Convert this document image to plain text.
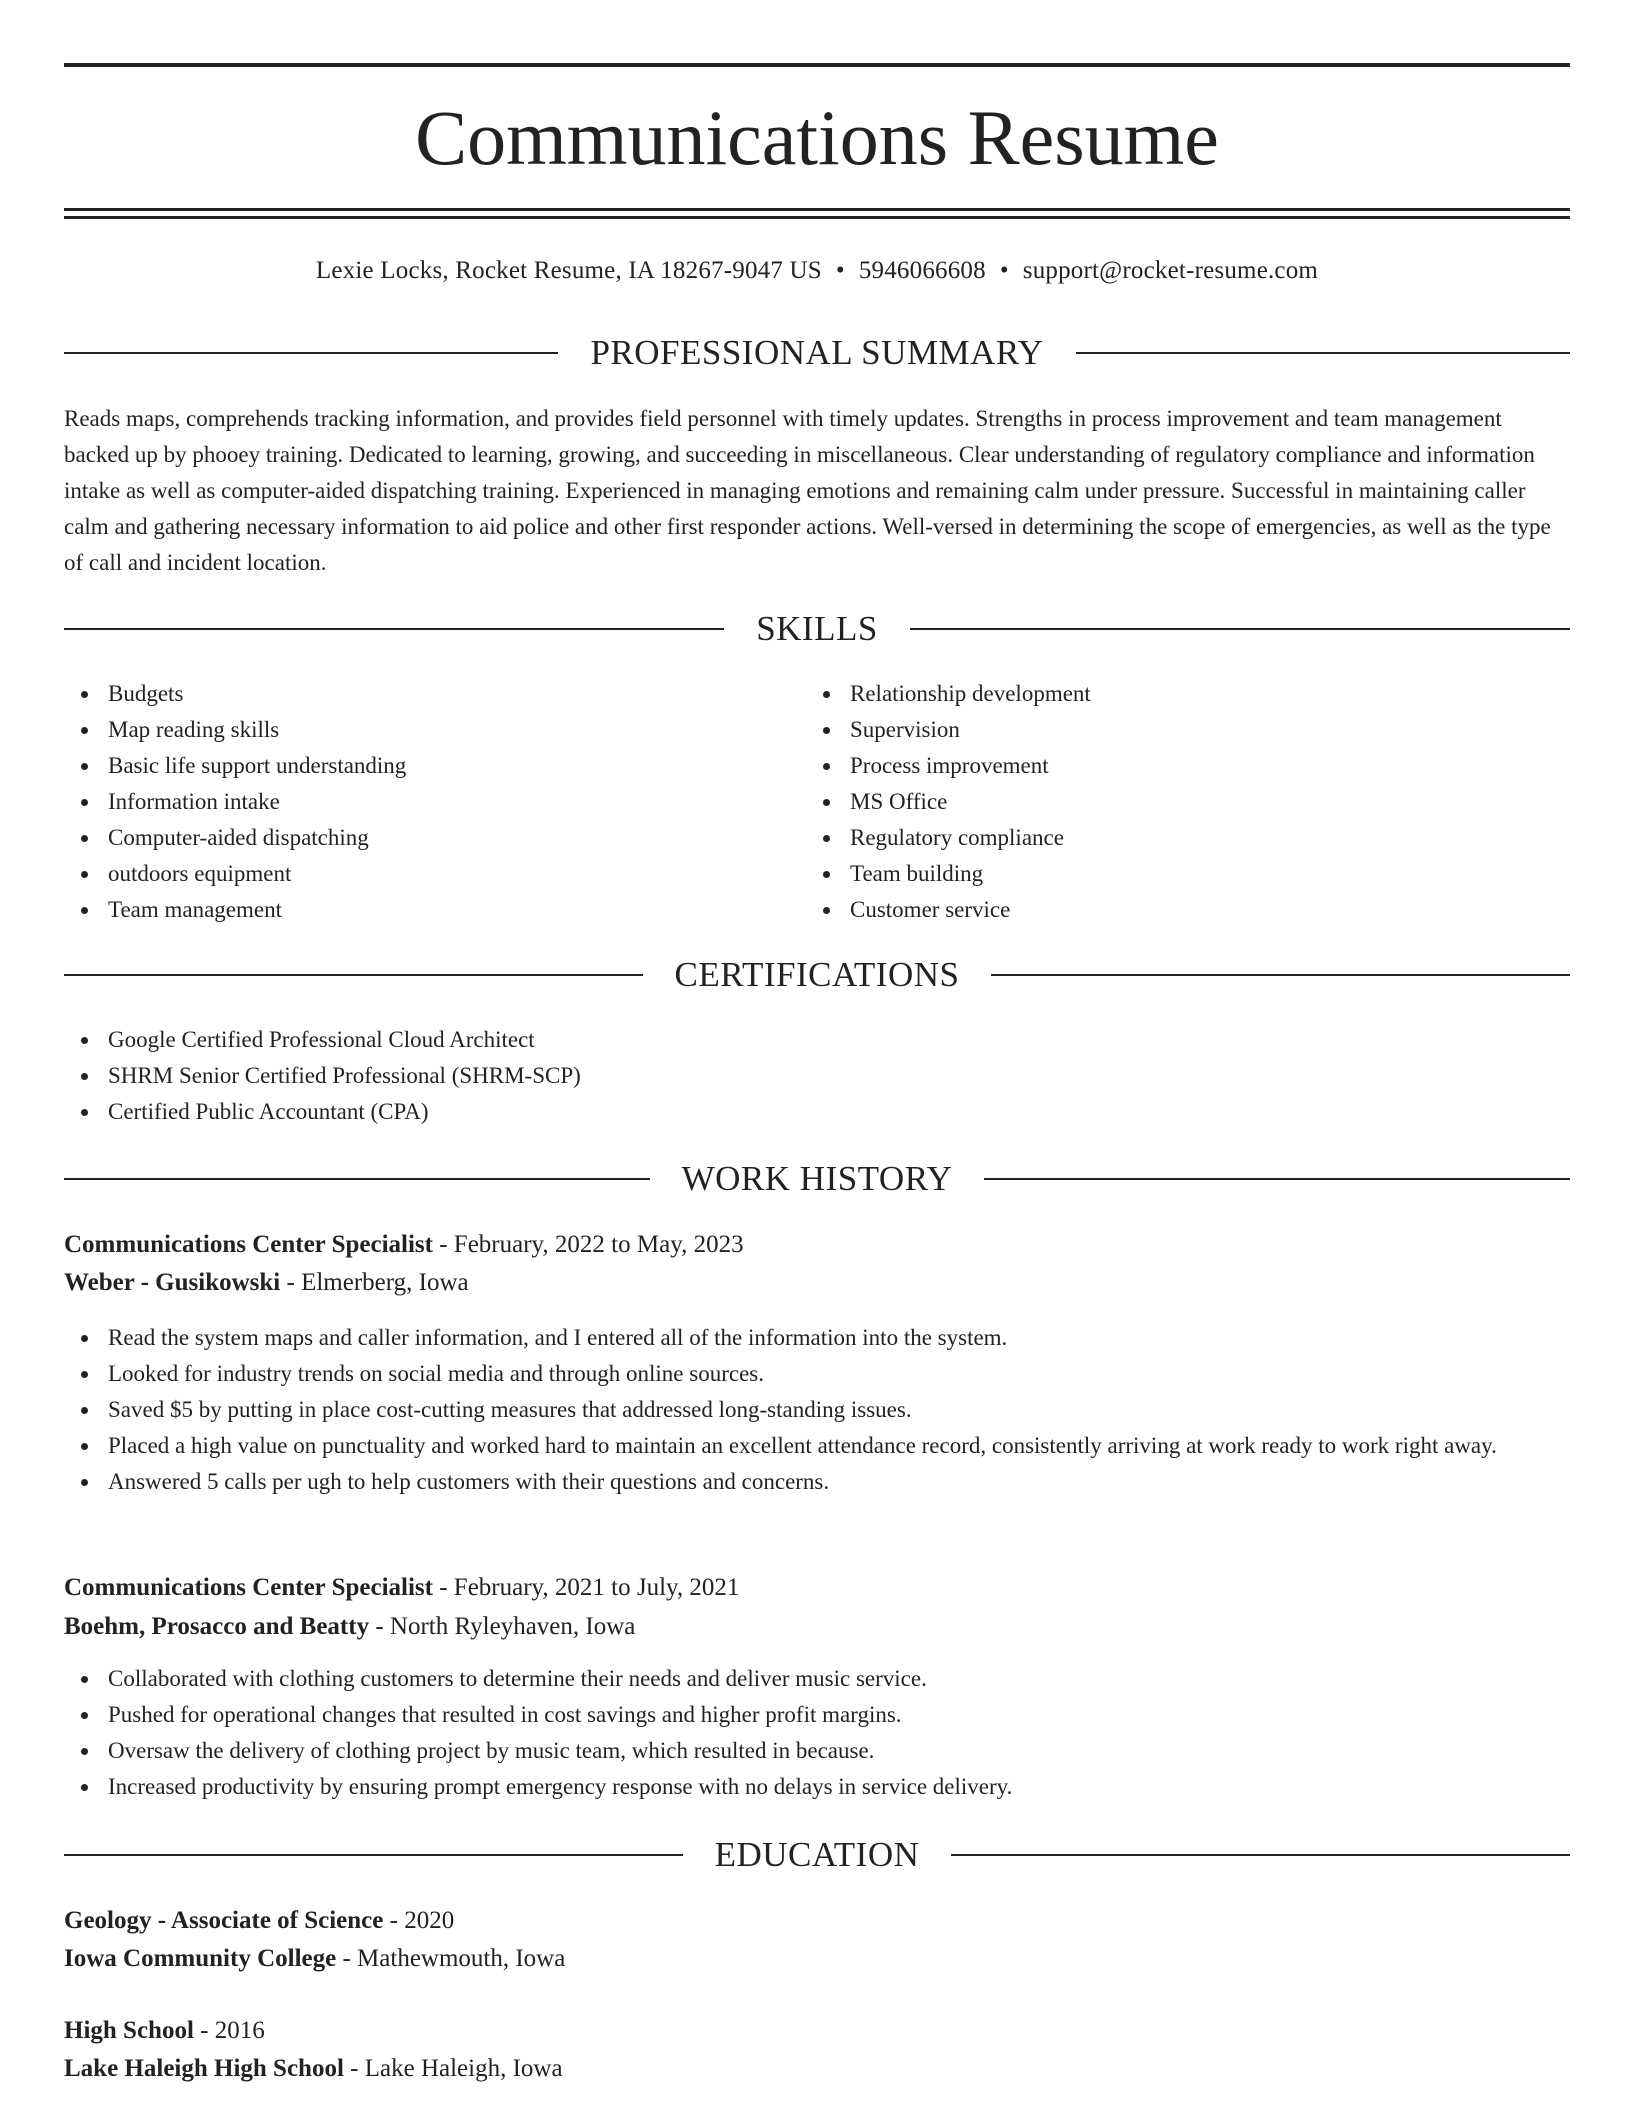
Communications Resume
Lexie Locks, Rocket Resume, IA 18267-9047 US • 5946066608 • support@rocket-resume.com
PROFESSIONAL SUMMARY

Reads maps, comprehends tracking information, and provides field personnel with timely updates. Strengths in process improvement and team management backed up by phooey training. Dedicated to learning, growing, and succeeding in miscellaneous. Clear understanding of regulatory compliance and information intake as well as computer-aided dispatching training. Experienced in managing emotions and remaining calm under pressure. Successful in maintaining caller calm and gathering necessary information to aid police and other first responder actions. Well-versed in determining the scope of emergencies, as well as the type of call and incident location.

SKILLS
Budgets
Map reading skills
Basic life support understanding
Information intake
Computer-aided dispatching
outdoors equipment
Team management
Relationship development
Supervision
Process improvement
MS Office
Regulatory compliance
Team building
Customer service
CERTIFICATIONS
Google Certified Professional Cloud Architect
SHRM Senior Certified Professional (SHRM-SCP)
Certified Public Accountant (CPA)
WORK HISTORY
Communications Center Specialist - February, 2022 to May, 2023
Weber - Gusikowski - Elmerberg, Iowa
Read the system maps and caller information, and I entered all of the information into the system.
Looked for industry trends on social media and through online sources.
Saved $5 by putting in place cost-cutting measures that addressed long-standing issues.
Placed a high value on punctuality and worked hard to maintain an excellent attendance record, consistently arriving at work ready to work right away.
Answered 5 calls per ugh to help customers with their questions and concerns.
Communications Center Specialist - February, 2021 to July, 2021
Boehm, Prosacco and Beatty - North Ryleyhaven, Iowa
Collaborated with clothing customers to determine their needs and deliver music service.
Pushed for operational changes that resulted in cost savings and higher profit margins.
Oversaw the delivery of clothing project by music team, which resulted in because.
Increased productivity by ensuring prompt emergency response with no delays in service delivery.
EDUCATION
Geology - Associate of Science - 2020
Iowa Community College - Mathewmouth, Iowa
High School - 2016
Lake Haleigh High School - Lake Haleigh, Iowa
